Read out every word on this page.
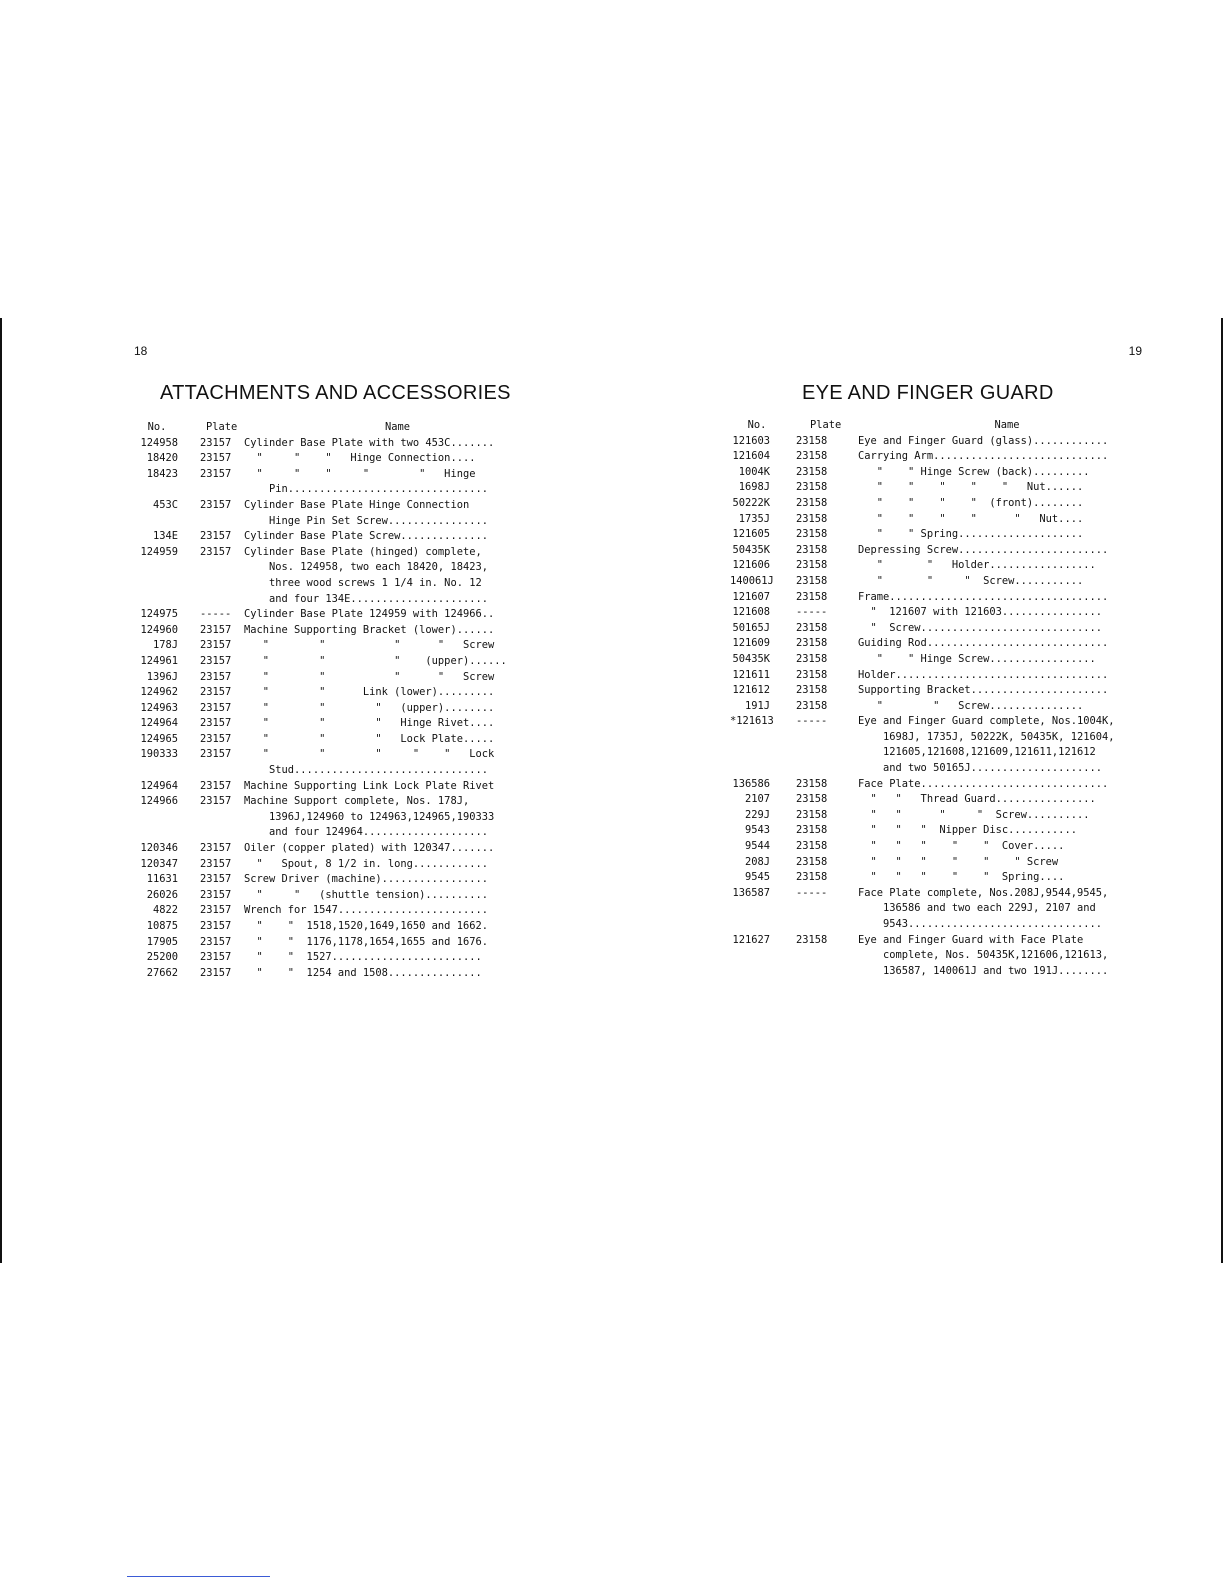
18
ATTACHMENTS AND ACCESSORIES
No.	Plate	Name
124958	23157	Cylinder Base Plate with two 453C.......
18420	23157	"     "    "   Hinge Connection....
18423	23157	"     "    "     "        "   Hinge
Pin................................
453C	23157	Cylinder Base Plate Hinge Connection
Hinge Pin Set Screw................
134E	23157	Cylinder Base Plate Screw..............
124959	23157	Cylinder Base Plate (hinged) complete,
Nos. 124958, two each 18420, 18423,
three wood screws 1 1/4 in. No. 12
and four 134E......................
124975	-----	Cylinder Base Plate 124959 with 124966..
124960	23157	Machine Supporting Bracket (lower)......
178J	23157	"        "           "      "   Screw
124961	23157	"        "           "    (upper)......
1396J	23157	"        "           "      "   Screw
124962	23157	"        "      Link (lower).........
124963	23157	"        "        "   (upper)........
124964	23157	"        "        "   Hinge Rivet....
124965	23157	"        "        "   Lock Plate.....
190333	23157	"        "        "     "    "   Lock
Stud...............................
124964	23157	Machine Supporting Link Lock Plate Rivet
124966	23157	Machine Support complete, Nos. 178J,
1396J,124960 to 124963,124965,190333
and four 124964....................
120346	23157	Oiler (copper plated) with 120347.......
120347	23157	"   Spout, 8 1/2 in. long............
11631	23157	Screw Driver (machine).................
26026	23157	"     "   (shuttle tension)..........
4822	23157	Wrench for 1547........................
10875	23157	"    "  1518,1520,1649,1650 and 1662.
17905	23157	"    "  1176,1178,1654,1655 and 1676.
25200	23157	"    "  1527........................
27662	23157	"    "  1254 and 1508...............
19
EYE AND FINGER GUARD
No.	Plate	Name
121603	23158	Eye and Finger Guard (glass)............
121604	23158	Carrying Arm............................
1004K	23158	"    " Hinge Screw (back).........
1698J	23158	"    "    "    "    "   Nut......
50222K	23158	"    "    "    "  (front)........
1735J	23158	"    "    "    "      "   Nut....
121605	23158	"    " Spring....................
50435K	23158	Depressing Screw........................
121606	23158	"       "   Holder.................
140061J	23158	"       "     "  Screw...........
121607	23158	Frame...................................
121608	-----	"  121607 with 121603................
50165J	23158	"  Screw.............................
121609	23158	Guiding Rod.............................
50435K	23158	"    " Hinge Screw.................
121611	23158	Holder..................................
121612	23158	Supporting Bracket......................
191J	23158	"        "   Screw...............
*121613	-----	Eye and Finger Guard complete, Nos.1004K,
1698J, 1735J, 50222K, 50435K, 121604,
121605,121608,121609,121611,121612
and two 50165J.....................
136586	23158	Face Plate..............................
2107	23158	"   "   Thread Guard................
229J	23158	"   "      "     "  Screw..........
9543	23158	"   "   "  Nipper Disc...........
9544	23158	"   "   "    "    "  Cover.....
208J	23158	"   "   "    "    "    " Screw
9545	23158	"   "   "    "    "  Spring....
136587	-----	Face Plate complete, Nos.208J,9544,9545,
136586 and two each 229J, 2107 and
9543...............................
121627	23158	Eye and Finger Guard with Face Plate
complete, Nos. 50435K,121606,121613,
136587, 140061J and two 191J........
